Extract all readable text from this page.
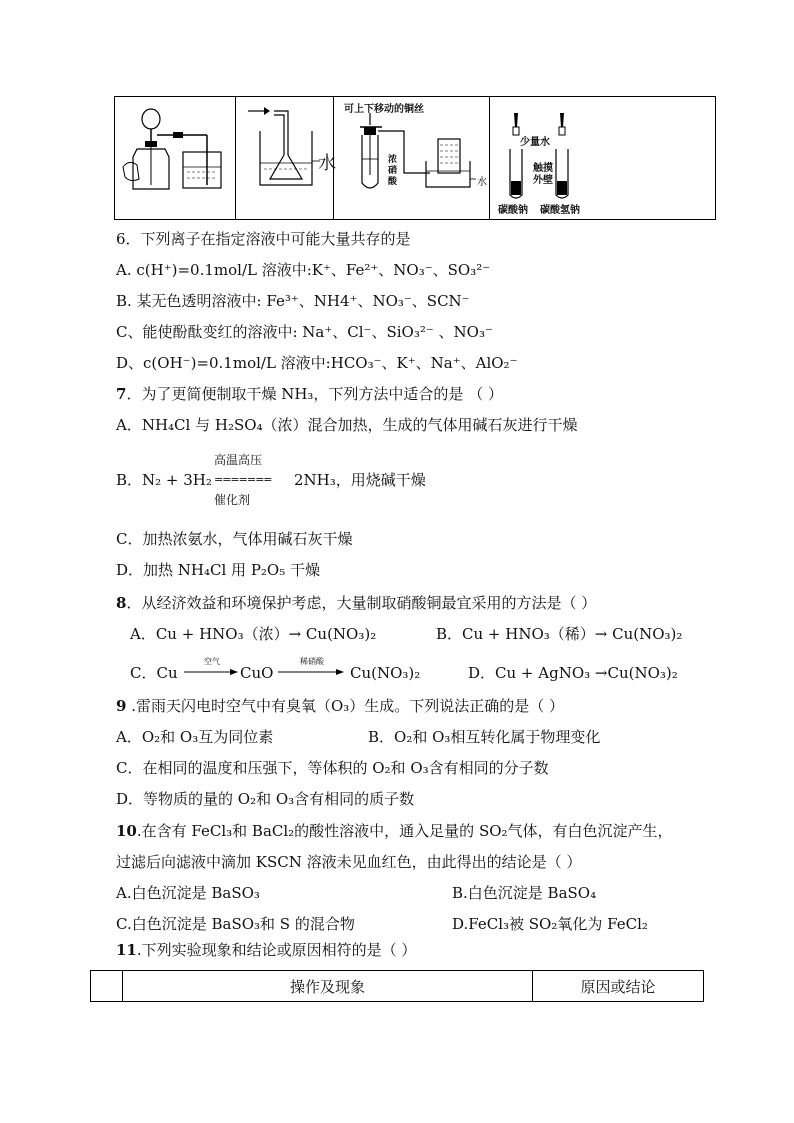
水
可上下移动的铜丝
浓
硝
酸	水
少量水
触摸
外壁
碳酸钠 碳酸氢钠
6．下列离子在指定溶液中可能大量共存的是
A. c(H⁺)=0.1mol/L 溶液中:K⁺、Fe²⁺、NO₃⁻、SO₃²⁻
B. 某无色透明溶液中: Fe³⁺、NH4⁺、NO₃⁻、SCN⁻
C、能使酚酞变红的溶液中: Na⁺、Cl⁻、SiO₃²⁻ 、NO₃⁻
D、c(OH⁻)=0.1mol/L 溶液中:HCO₃⁻、K⁺、Na⁺、AlO₂⁻
7．为了更简便制取干燥 NH₃，下列方法中适合的是 （ ）
A．NH₄Cl 与 H₂SO₄（浓）混合加热，生成的气体用碱石灰进行干燥
B．N₂ + 3H₂
高温高压
=======
催化剂
2NH₃，用烧碱干燥
C．加热浓氨水，气体用碱石灰干燥
D．加热 NH₄Cl 用 P₂O₅ 干燥
8．从经济效益和环境保护考虑，大量制取硝酸铜最宜采用的方法是（ ）
A．Cu + HNO₃（浓）→ Cu(NO₃)₂	B．Cu + HNO₃（稀）→ Cu(NO₃)₂
C．Cu
空气
CuO
稀硝酸
Cu(NO₃)₂	D．Cu + AgNO₃ →Cu(NO₃)₂
9 .雷雨天闪电时空气中有臭氧（O₃）生成。下列说法正确的是（ ）
A．O₂和 O₃互为同位素	B．O₂和 O₃相互转化属于物理变化
C．在相同的温度和压强下，等体积的 O₂和 O₃含有相同的分子数
D．等物质的量的 O₂和 O₃含有相同的质子数
10.在含有 FeCl₃和 BaCl₂的酸性溶液中，通入足量的 SO₂气体，有白色沉淀产生，
过滤后向滤液中滴加 KSCN 溶液未见血红色，由此得出的结论是（ ）
A.白色沉淀是 BaSO₃	B.白色沉淀是 BaSO₄
C.白色沉淀是 BaSO₃和 S 的混合物	D.FeCl₃被 SO₂氧化为 FeCl₂
11.下列实验现象和结论或原因相符的是（ ）
操作及现象	原因或结论
